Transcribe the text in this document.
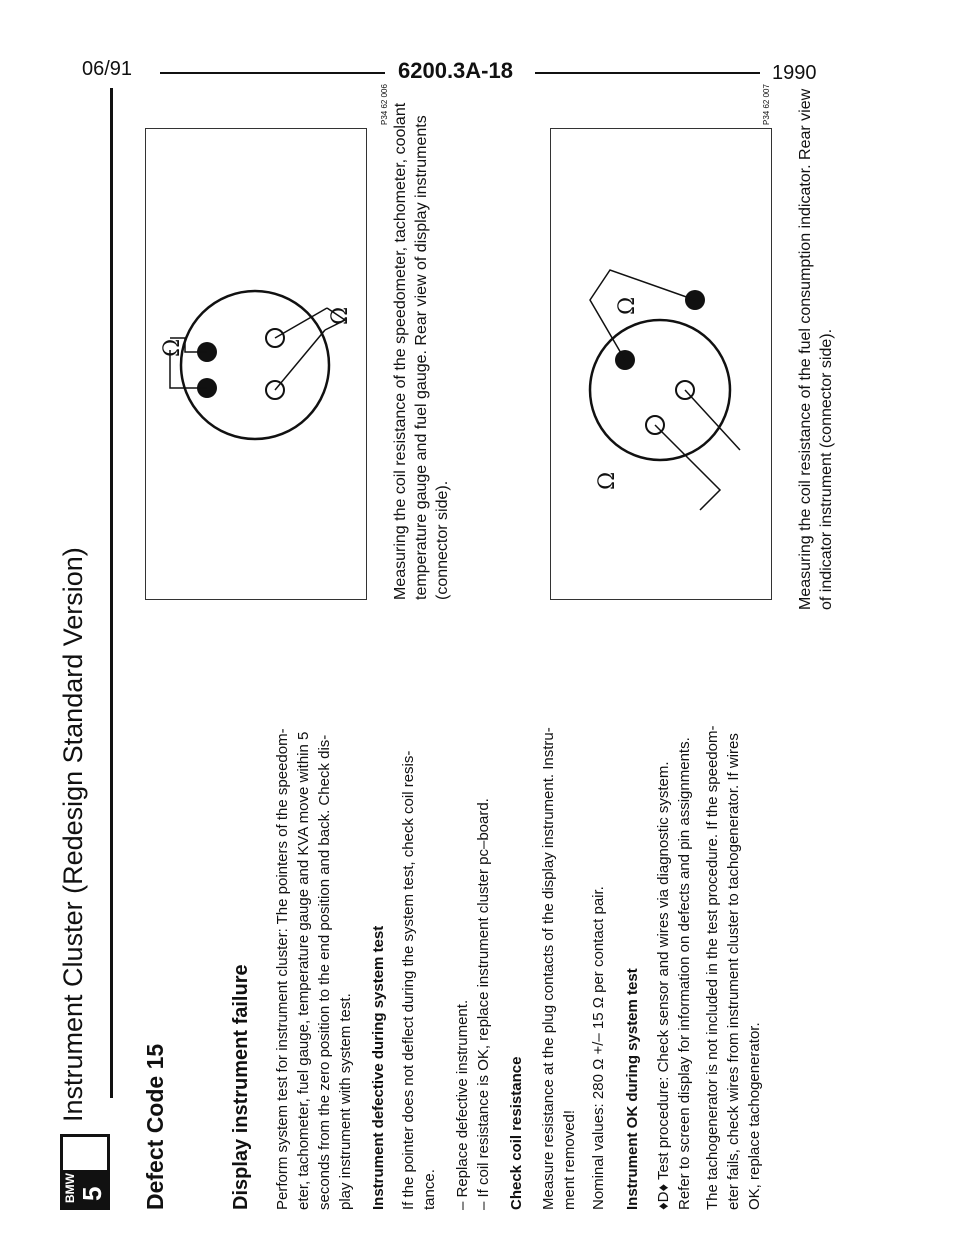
06/91	6200.3A-18	1990
BMW 5
Instrument Cluster (Redesign Standard Version)
Defect Code 15	Display instrument failure Perform system test for instrument cluster: The pointers of the speedom- eter, tachometer, fuel gauge, temperature gauge and KVA move within 5 seconds from the zero position to the end position and back. Check dis- play instrument with system test. Instrument defective during system test If the pointer does not deflect during the system test, check coil resis- tance. – Replace defective instrument. – If coil resistance is OK, replace instrument cluster pc–board. Check coil resistance Measure resistance at the plug contacts of the display instrument. Instru- ment removed! Nominal values: 280 Ω +/– 15 Ω per contact pair. Instrument OK during system test ♦D♦ Test procedure: Check sensor and wires via diagnostic system. Refer to screen display for information on defects and pin assignments. The tachogenerator is not included in the test procedure. If the speedom- eter fails, check wires from instrument cluster to tachogenerator. If wires OK, replace tachogenerator.
Ω
Ω
P34 62 006 Measuring the coil resistance of the speedometer, tachometer, coolant temperature gauge and fuel gauge. Rear view of display instruments (connector side).	Ω
Ω
P34 62 007 Measuring the coil resistance of the fuel consumption indicator. Rear view of indicator instrument (connector side).
